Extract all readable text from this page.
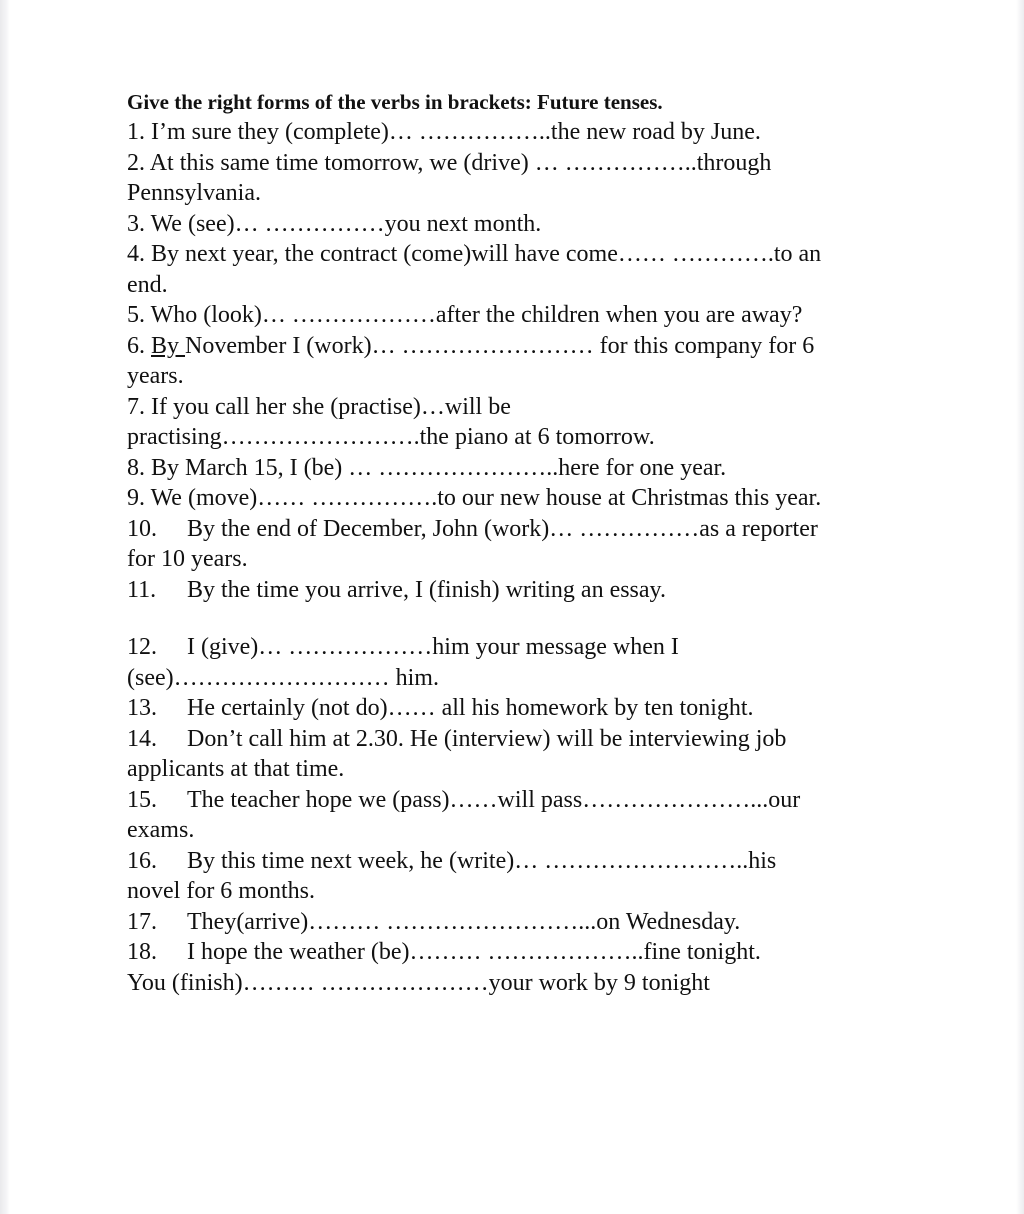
Give the right forms of the verbs in brackets: Future tenses.
1. I’m sure they (complete)… ……………..the new road by June.
2. At this same time tomorrow, we (drive) … ……………..through
Pennsylvania.
3. We (see)… ……………you next month.
4. By next year, the contract (come)will have come…… ………….to an
end.
5. Who (look)… ………………after the children when you are away?
6. By November I (work)… …………………… for this company for 6
years.
7. If you call her she (practise)…will be
practising…………………….the piano at 6 tomorrow.
8. By March 15, I (be) … …………………..here for one year.
9. We (move)…… …………….to our new house at Christmas this year.
10. By the end of December, John (work)… ……………as a reporter
for 10 years.
11. By the time you arrive, I (finish) writing an essay.
12. I (give)… ………………him your message when I
(see)……………………… him.
13. He certainly (not do)…… all his homework by ten tonight.
14. Don’t call him at 2.30. He (interview) will be interviewing job
applicants at that time.
15. The teacher hope we (pass)……will pass…………………...our
exams.
16. By this time next week, he (write)… ……………………..his
novel for 6 months.
17. They(arrive)……… ……………………...on Wednesday.
18. I hope the weather (be)……… ………………..fine tonight.
You (finish)……… …………………your work by 9 tonight
